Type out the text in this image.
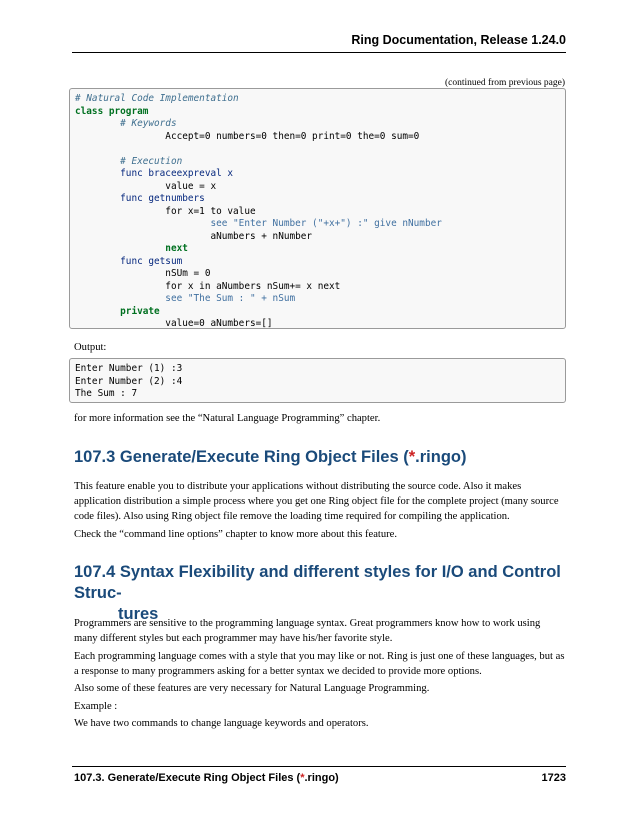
Ring Documentation, Release 1.24.0
(continued from previous page)
# Natural Code Implementation
class program
# Keywords
Accept=0 numbers=0 then=0 print=0 the=0 sum=0

# Execution
func braceexpreval x
value = x
func getnumbers
for x=1 to value
see "Enter Number ("+x+") :" give nNumber
aNumbers + nNumber
next
func getsum
nSUm = 0
for x in aNumbers nSum+= x next
see "The Sum : " + nSum
private
value=0 aNumbers=[]
Output:
Enter Number (1) :3
Enter Number (2) :4
The Sum : 7
for more information see the “Natural Language Programming” chapter.
107.3 Generate/Execute Ring Object Files (*.ringo)
This feature enable you to distribute your applications without distributing the source code. Also it makes application distribution a simple process where you get one Ring object file for the complete project (many source code files). Also using Ring object file remove the loading time required for compiling the application.
Check the “command line options” chapter to know more about this feature.
107.4 Syntax Flexibility and different styles for I/O and Control Struc-
tures
Programmers are sensitive to the programming language syntax. Great programmers know how to work using many different styles but each programmer may have his/her favorite style.
Each programming language comes with a style that you may like or not. Ring is just one of these languages, but as a response to many programmers asking for a better syntax we decided to provide more options.
Also some of these features are very necessary for Natural Language Programming.
Example :
We have two commands to change language keywords and operators.
107.3. Generate/Execute Ring Object Files (*.ringo)	1723
